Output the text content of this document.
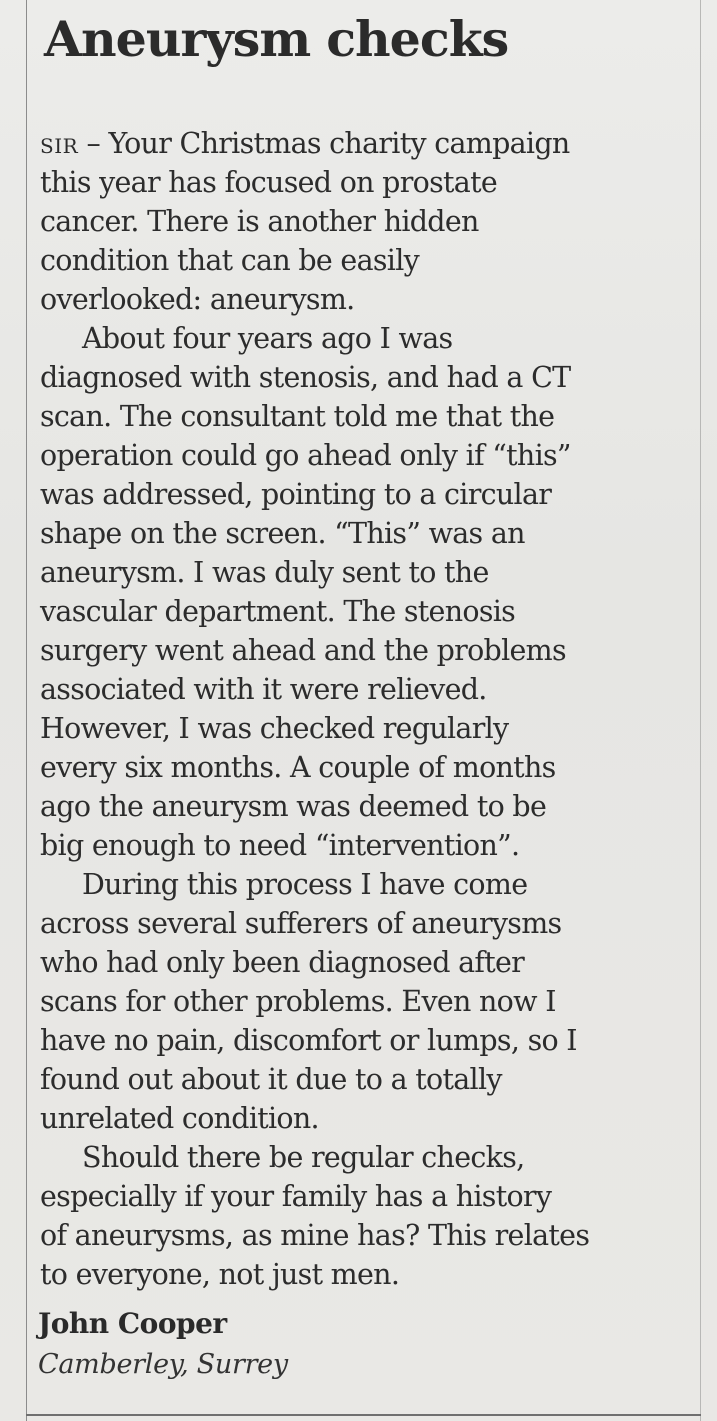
Aneurysm checks
sir – Your Christmas charity campaign
this year has focused on prostate
cancer. There is another hidden
condition that can be easily
overlooked: aneurysm.
About four years ago I was
diagnosed with stenosis, and had a CT
scan. The consultant told me that the
operation could go ahead only if “this”
was addressed, pointing to a circular
shape on the screen. “This” was an
aneurysm. I was duly sent to the
vascular department. The stenosis
surgery went ahead and the problems
associated with it were relieved.
However, I was checked regularly
every six months. A couple of months
ago the aneurysm was deemed to be
big enough to need “intervention”.
During this process I have come
across several sufferers of aneurysms
who had only been diagnosed after
scans for other problems. Even now I
have no pain, discomfort or lumps, so I
found out about it due to a totally
unrelated condition.
Should there be regular checks,
especially if your family has a history
of aneurysms, as mine has? This relates
to everyone, not just men.
John Cooper
Camberley, Surrey
